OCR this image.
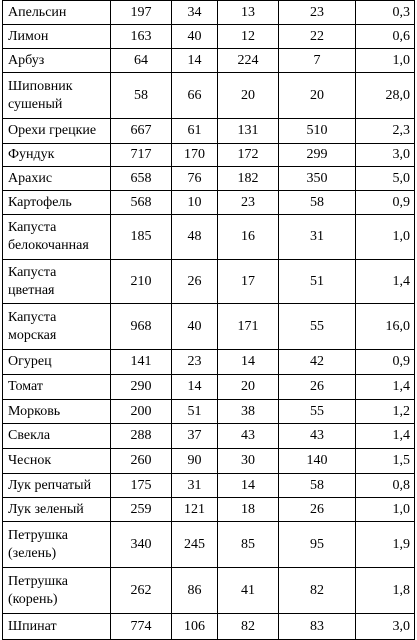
Апельсин	197	34	13	23	0,3
Лимон	163	40	12	22	0,6
Арбуз	64	14	224	7	1,0
Шиповник сушеный	58	66	20	20	28,0
Орехи грецкие	667	61	131	510	2,3
Фундук	717	170	172	299	3,0
Арахис	658	76	182	350	5,0
Картофель	568	10	23	58	0,9
Капуста белокочанная	185	48	16	31	1,0
Капуста цветная	210	26	17	51	1,4
Капуста морская	968	40	171	55	16,0
Огурец	141	23	14	42	0,9
Томат	290	14	20	26	1,4
Морковь	200	51	38	55	1,2
Свекла	288	37	43	43	1,4
Чеснок	260	90	30	140	1,5
Лук репчатый	175	31	14	58	0,8
Лук зеленый	259	121	18	26	1,0
Петрушка (зелень)	340	245	85	95	1,9
Петрушка (корень)	262	86	41	82	1,8
Шпинат	774	106	82	83	3,0
